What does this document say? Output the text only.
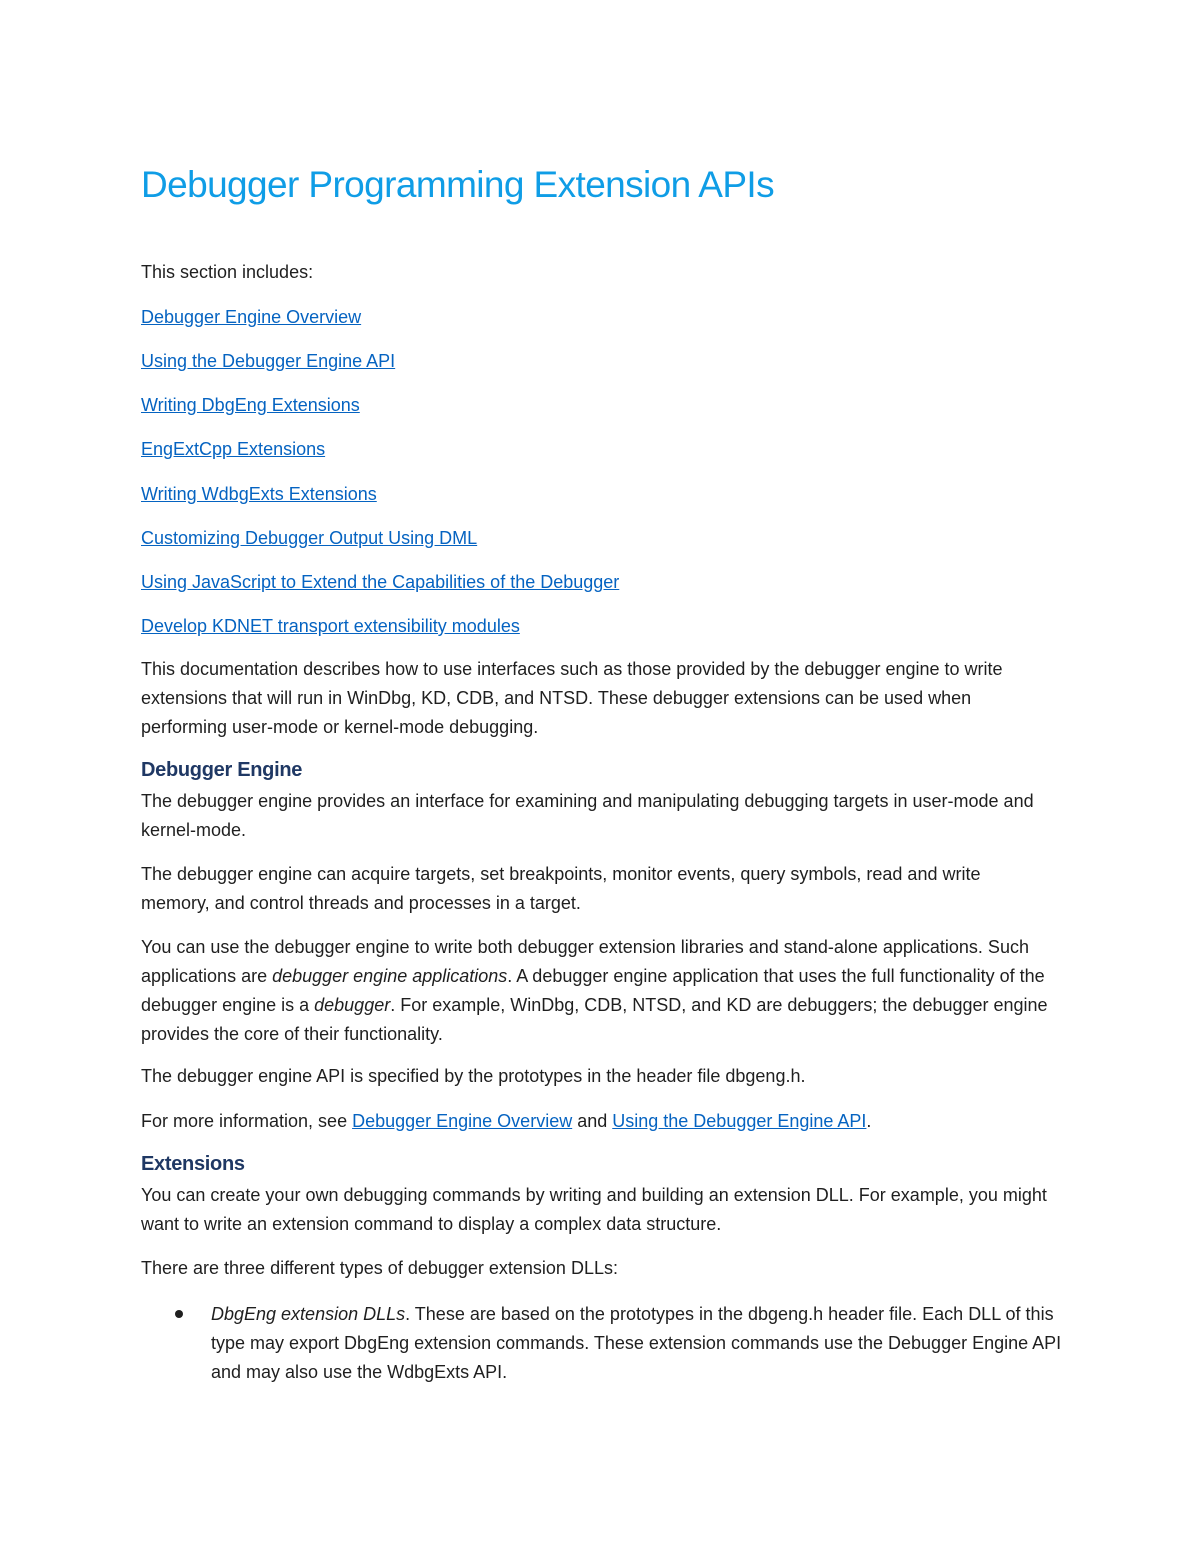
Debugger Programming Extension APIs

This section includes:

Debugger Engine Overview
Using the Debugger Engine API
Writing DbgEng Extensions
EngExtCpp Extensions
Writing WdbgExts Extensions
Customizing Debugger Output Using DML
Using JavaScript to Extend the Capabilities of the Debugger
Develop KDNET transport extensibility modules

This documentation describes how to use interfaces such as those provided by the debugger engine to write extensions that will run in WinDbg, KD, CDB, and NTSD. These debugger extensions can be used when performing user-mode or kernel-mode debugging.

Debugger Engine

The debugger engine provides an interface for examining and manipulating debugging targets in user-mode and kernel-mode.

The debugger engine can acquire targets, set breakpoints, monitor events, query symbols, read and write memory, and control threads and processes in a target.

You can use the debugger engine to write both debugger extension libraries and stand-alone applications. Such applications are debugger engine applications. A debugger engine application that uses the full functionality of the debugger engine is a debugger. For example, WinDbg, CDB, NTSD, and KD are debuggers; the debugger engine provides the core of their functionality.

The debugger engine API is specified by the prototypes in the header file dbgeng.h.

For more information, see Debugger Engine Overview and Using the Debugger Engine API.

Extensions

You can create your own debugging commands by writing and building an extension DLL. For example, you might want to write an extension command to display a complex data structure.

There are three different types of debugger extension DLLs:

DbgEng extension DLLs. These are based on the prototypes in the dbgeng.h header file. Each DLL of this type may export DbgEng extension commands. These extension commands use the Debugger Engine API and may also use the WdbgExts API.
